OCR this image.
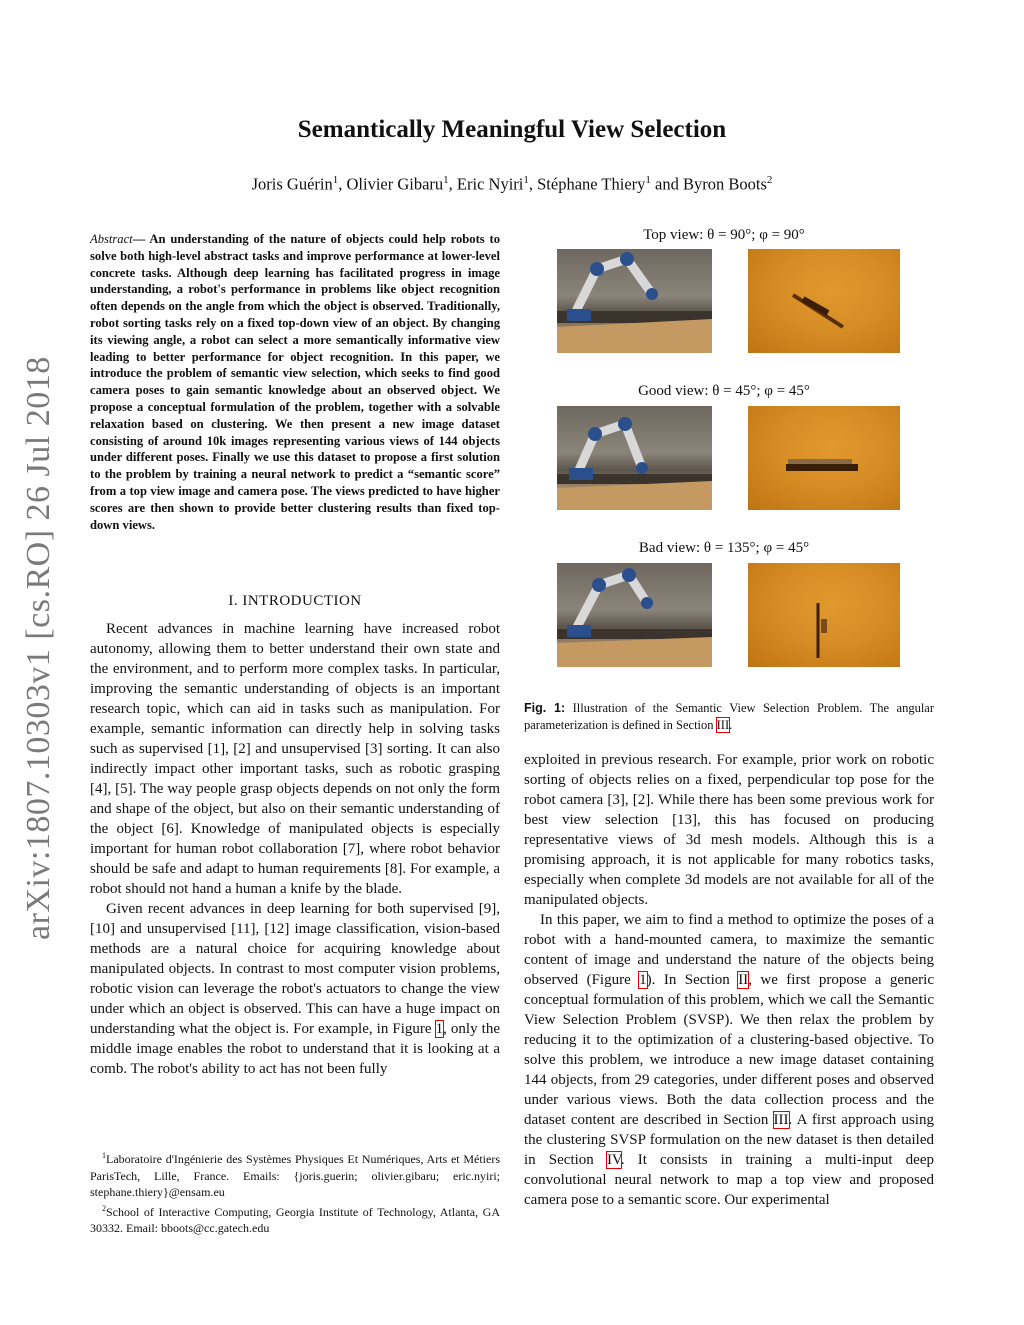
arXiv:1807.10303v1 [cs.RO] 26 Jul 2018
Semantically Meaningful View Selection
Joris Guérin$^1$, Olivier Gibaru$^1$, Eric Nyiri$^1$, Stéphane Thiery$^1$ and Byron Boots$^2$
Abstract— An understanding of the nature of objects could help robots to solve both high-level abstract tasks and improve performance at lower-level concrete tasks. Although deep learning has facilitated progress in image understanding, a robot's performance in problems like object recognition often depends on the angle from which the object is observed. Traditionally, robot sorting tasks rely on a fixed top-down view of an object. By changing its viewing angle, a robot can select a more semantically informative view leading to better performance for object recognition. In this paper, we introduce the problem of semantic view selection, which seeks to find good camera poses to gain semantic knowledge about an observed object. We propose a conceptual formulation of the problem, together with a solvable relaxation based on clustering. We then present a new image dataset consisting of around 10k images representing various views of 144 objects under different poses. Finally we use this dataset to propose a first solution to the problem by training a neural network to predict a “semantic score” from a top view image and camera pose. The views predicted to have higher scores are then shown to provide better clustering results than fixed top-down views.
I. INTRODUCTION

Recent advances in machine learning have increased robot autonomy, allowing them to better understand their own state and the environment, and to perform more complex tasks. In particular, improving the semantic understanding of objects is an important research topic, which can aid in tasks such as manipulation. For example, semantic information can directly help in solving tasks such as supervised [1], [2] and unsupervised [3] sorting. It can also indirectly impact other important tasks, such as robotic grasping [4], [5]. The way people grasp objects depends on not only the form and shape of the object, but also on their semantic understanding of the object [6]. Knowledge of manipulated objects is especially important for human robot collaboration [7], where robot behavior should be safe and adapt to human requirements [8]. For example, a robot should not hand a human a knife by the blade.

Given recent advances in deep learning for both supervised [9], [10] and unsupervised [11], [12] image classification, vision-based methods are a natural choice for acquiring knowledge about manipulated objects. In contrast to most computer vision problems, robotic vision can leverage the robot's actuators to change the view under which an object is observed. This can have a huge impact on understanding what the object is. For example, in Figure 1, only the middle image enables the robot to understand that it is looking at a comb. The robot's ability to act has not been fully

$^1$Laboratoire d'Ingénierie des Systèmes Physiques Et Numériques, Arts et Métiers ParisTech, Lille, France. Emails: {joris.guerin; olivier.gibaru; eric.nyiri; stephane.thiery}@ensam.eu

$^2$School of Interactive Computing, Georgia Institute of Technology, Atlanta, GA 30332. Email: bboots@cc.gatech.edu

Top view: θ = 90°; φ = 90°
Good view: θ = 45°; φ = 45°
Bad view: θ = 135°; φ = 45°
Fig. 1: Illustration of the Semantic View Selection Problem. The angular parameterization is defined in Section III.

exploited in previous research. For example, prior work on robotic sorting of objects relies on a fixed, perpendicular top pose for the robot camera [3], [2]. While there has been some previous work for best view selection [13], this has focused on producing representative views of 3d mesh models. Although this is a promising approach, it is not applicable for many robotics tasks, especially when complete 3d models are not available for all of the manipulated objects.

In this paper, we aim to find a method to optimize the poses of a robot with a hand-mounted camera, to maximize the semantic content of image and understand the nature of the objects being observed (Figure 1). In Section II, we first propose a generic conceptual formulation of this problem, which we call the Semantic View Selection Problem (SVSP). We then relax the problem by reducing it to the optimization of a clustering-based objective. To solve this problem, we introduce a new image dataset containing 144 objects, from 29 categories, under different poses and observed under various views. Both the data collection process and the dataset content are described in Section III. A first approach using the clustering SVSP formulation on the new dataset is then detailed in Section IV. It consists in training a multi-input deep convolutional neural network to map a top view and proposed camera pose to a semantic score. Our experimental
